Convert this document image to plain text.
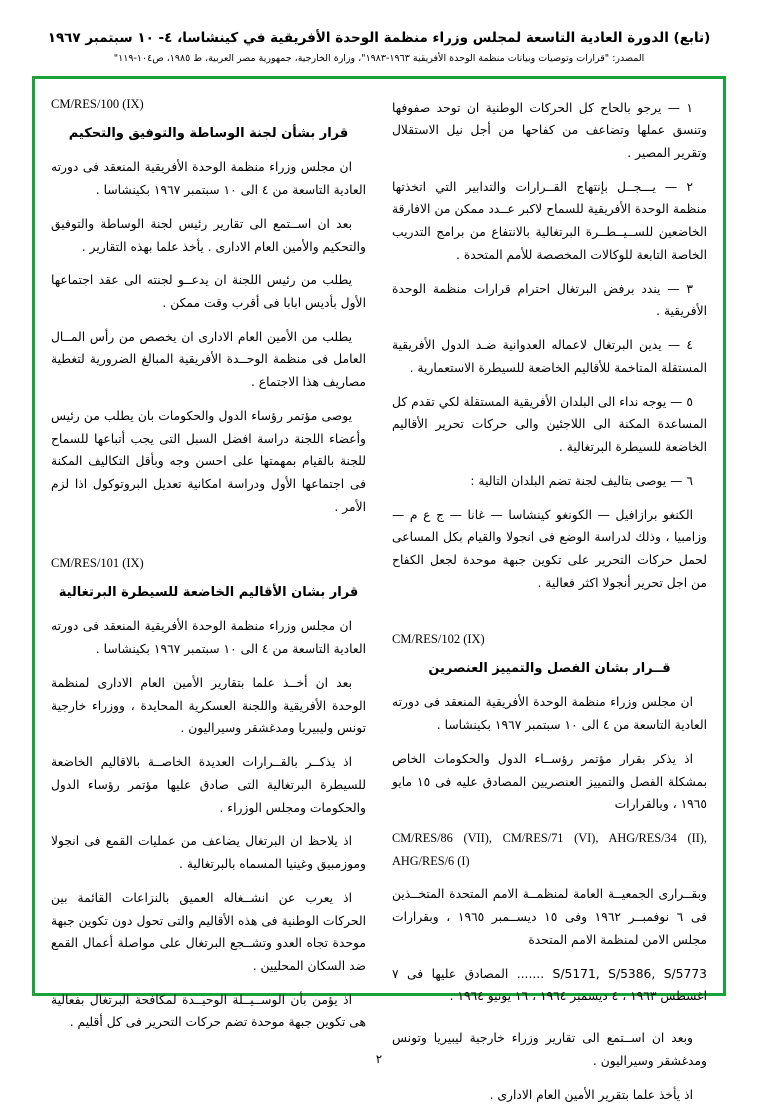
(تابع) الدورة العادية التاسعة لمجلس وزراء منظمة الوحدة الأفريقية في كينشاسا، ٤- ١٠ سبتمبر ١٩٦٧
المصدر: "قرارات وتوصيات وبيانات منظمة الوحدة الأفريقية ١٩٦٣-١٩٨٣"، وزارة الخارجية، جمهورية مصر العربية، ط ١٩٨٥، ص١٠٤-١١٩"

١ — يرجو بالحاح كل الحركات الوطنية ان توحد صفوفها وتنسق عملها وتضاعف من كفاحها من أجل نيل الاستقلال وتقرير المصير .

٢ — يـــجــل بإنتهاج القــرارات والتدابير التي اتخذتها منظمة الوحدة الأفريقية للسماح لاكبر عــدد ممكن من الافارقة الخاضعين للســيــطــرة البرتغالية بالانتفاع من برامج التدريب الخاصة التابعة للوكالات المخصصة للأمم المتحدة .

٣ — يندد برفض البرتغال احترام قرارات منظمة الوحدة الأفريقية .

٤ — يدين البرتغال لاعماله العدوانية ضـد الدول الأفريقية المستقلة المتاخمة للأقاليم الخاضعة للسيطرة الاستعمارية .

٥ — يوجه نداء الى البلدان الأفريقية المستقلة لكي تقدم كل المساعدة المكنة الى اللاجئين والى حركات تحرير الأقاليم الخاضعة للسيطرة البرتغالية .

٦ — يوصى بتاليف لجنة تضم البلدان التالية :

الكنغو برازافيل — الكونغو كينشاسا — غانا — ج ع م — وزامبيا ، وذلك لدراسة الوضع فى انجولا والقيام بكل المساعى لحمل حركات التحرير على تكوين جبهة موحدة لجعل الكفاح من اجل تحرير أنجولا اكثر فعالية .

CM/RES/102 (IX)
قــرار بشان الفصل والتمييز العنصرين

ان مجلس وزراء منظمة الوحدة الأفريقية المنعقد فى دورته العادية التاسعة من ٤ الى ١٠ سبتمبر ١٩٦٧ بكينشاسا .

اذ يذكر بقرار مؤتمر رؤســاء الدول والحكومات الخاص بمشكلة الفصل والتمييز العنصريين المصادق عليه فى ١٥ مايو ١٩٦٥ ، وبالقرارات

CM/RES/86 (VII), CM/RES/71 (VI), AHG/RES/34 (II), AHG/RES/6 (I)

وبقــرارى الجمعيــة العامة لمنظمــة الامم المتحدة المتخــذين فى ٦ نوفمبــر ١٩٦٢ وفى ١٥ ديســمبر ١٩٦٥ ، وبقرارات مجلس الامن لمنظمة الامم المتحدة

S/5171, S/5386, S/5773 ....... المصادق عليها فى ٧ اغسطس ١٩٦٣ ، ٤ ديسمبر ١٩٦٤ ، ١٦ يونيو ١٩٦٤ .

وبعد ان اســتمع الى تقارير وزراء خارجية ليبيريا وتونس ومدغشقر وسيراليون .

اذ يأخذ علما بتقرير الأمين العام الادارى .

CM/RES/100 (IX)
قرار بشأن لجنة الوساطة والتوفيق والتحكيم

ان مجلس وزراء منظمة الوحدة الأفريقية المنعقد فى دورته العادية التاسعة من ٤ الى ١٠ سبتمبر ١٩٦٧ بكينشاسا .

بعد ان اســتمع الى تقارير رئيس لجنة الوساطة والتوفيق والتحكيم والأمين العام الادارى . يأخذ علما بهذه التقارير .

يطلب من رئيس اللجنة ان يدعــو لجنته الى عقد اجتماعها الأول بأديس ابابا فى أقرب وقت ممكن .

يطلب من الأمين العام الادارى ان يخصص من رأس المــال العامل فى منظمة الوحــدة الأفريقية المبالغ الضرورية لتغطية مصاريف هذا الاجتماع .

يوصى مؤتمر رؤساء الدول والحكومات بان يطلب من رئيس وأعضاء اللجنة دراسة افضل السبل التى يجب أتباعها للسماح للجنة بالقيام بمهمتها على احسن وجه وبأقل التكاليف المكنة فى اجتماعها الأول ودراسة امكانية تعديل البروتوكول اذا لزم الأمر .

CM/RES/101 (IX)
قرار بشان الأقاليم الخاضعة للسيطرة البرتغالية

ان مجلس وزراء منظمة الوحدة الأفريقية المنعقد فى دورته العادية التاسعة من ٤ الى ١٠ سبتمبر ١٩٦٧ بكينشاسا .

بعد ان أخــذ علما بتقارير الأمين العام الادارى لمنظمة الوحدة الأفريقية واللجنة العسكرية المحايدة ، ووزراء خارجية تونس وليبيريا ومدغشقر وسيراليون .

اذ يذكــر بالقــرارات العديدة الخاصــة بالاقاليم الخاضعة للسيطرة البرتغالية التى صادق عليها مؤتمر رؤساء الدول والحكومات ومجلس الوزراء .

اذ يلاحظ ان البرتغال يضاعف من عمليات القمع فى انجولا وموزمبيق وغينيا المسماه بالبرتغالية .

اذ يعرب عن انشــغاله العميق بالنزاعات القائمة بين الحركات الوطنية فى هذه الأقاليم والتى تحول دون تكوين جبهة موحدة تجاه العدو وتشــجع البرتغال على مواصلة أعمال القمع ضد السكان المحليين .

اذ يؤمن بأن الوســيــلة الوحيــدة لمكافحة البرتغال بفعالية هى تكوين جبهة موحدة تضم حركات التحرير فى كل أقليم .

٢
